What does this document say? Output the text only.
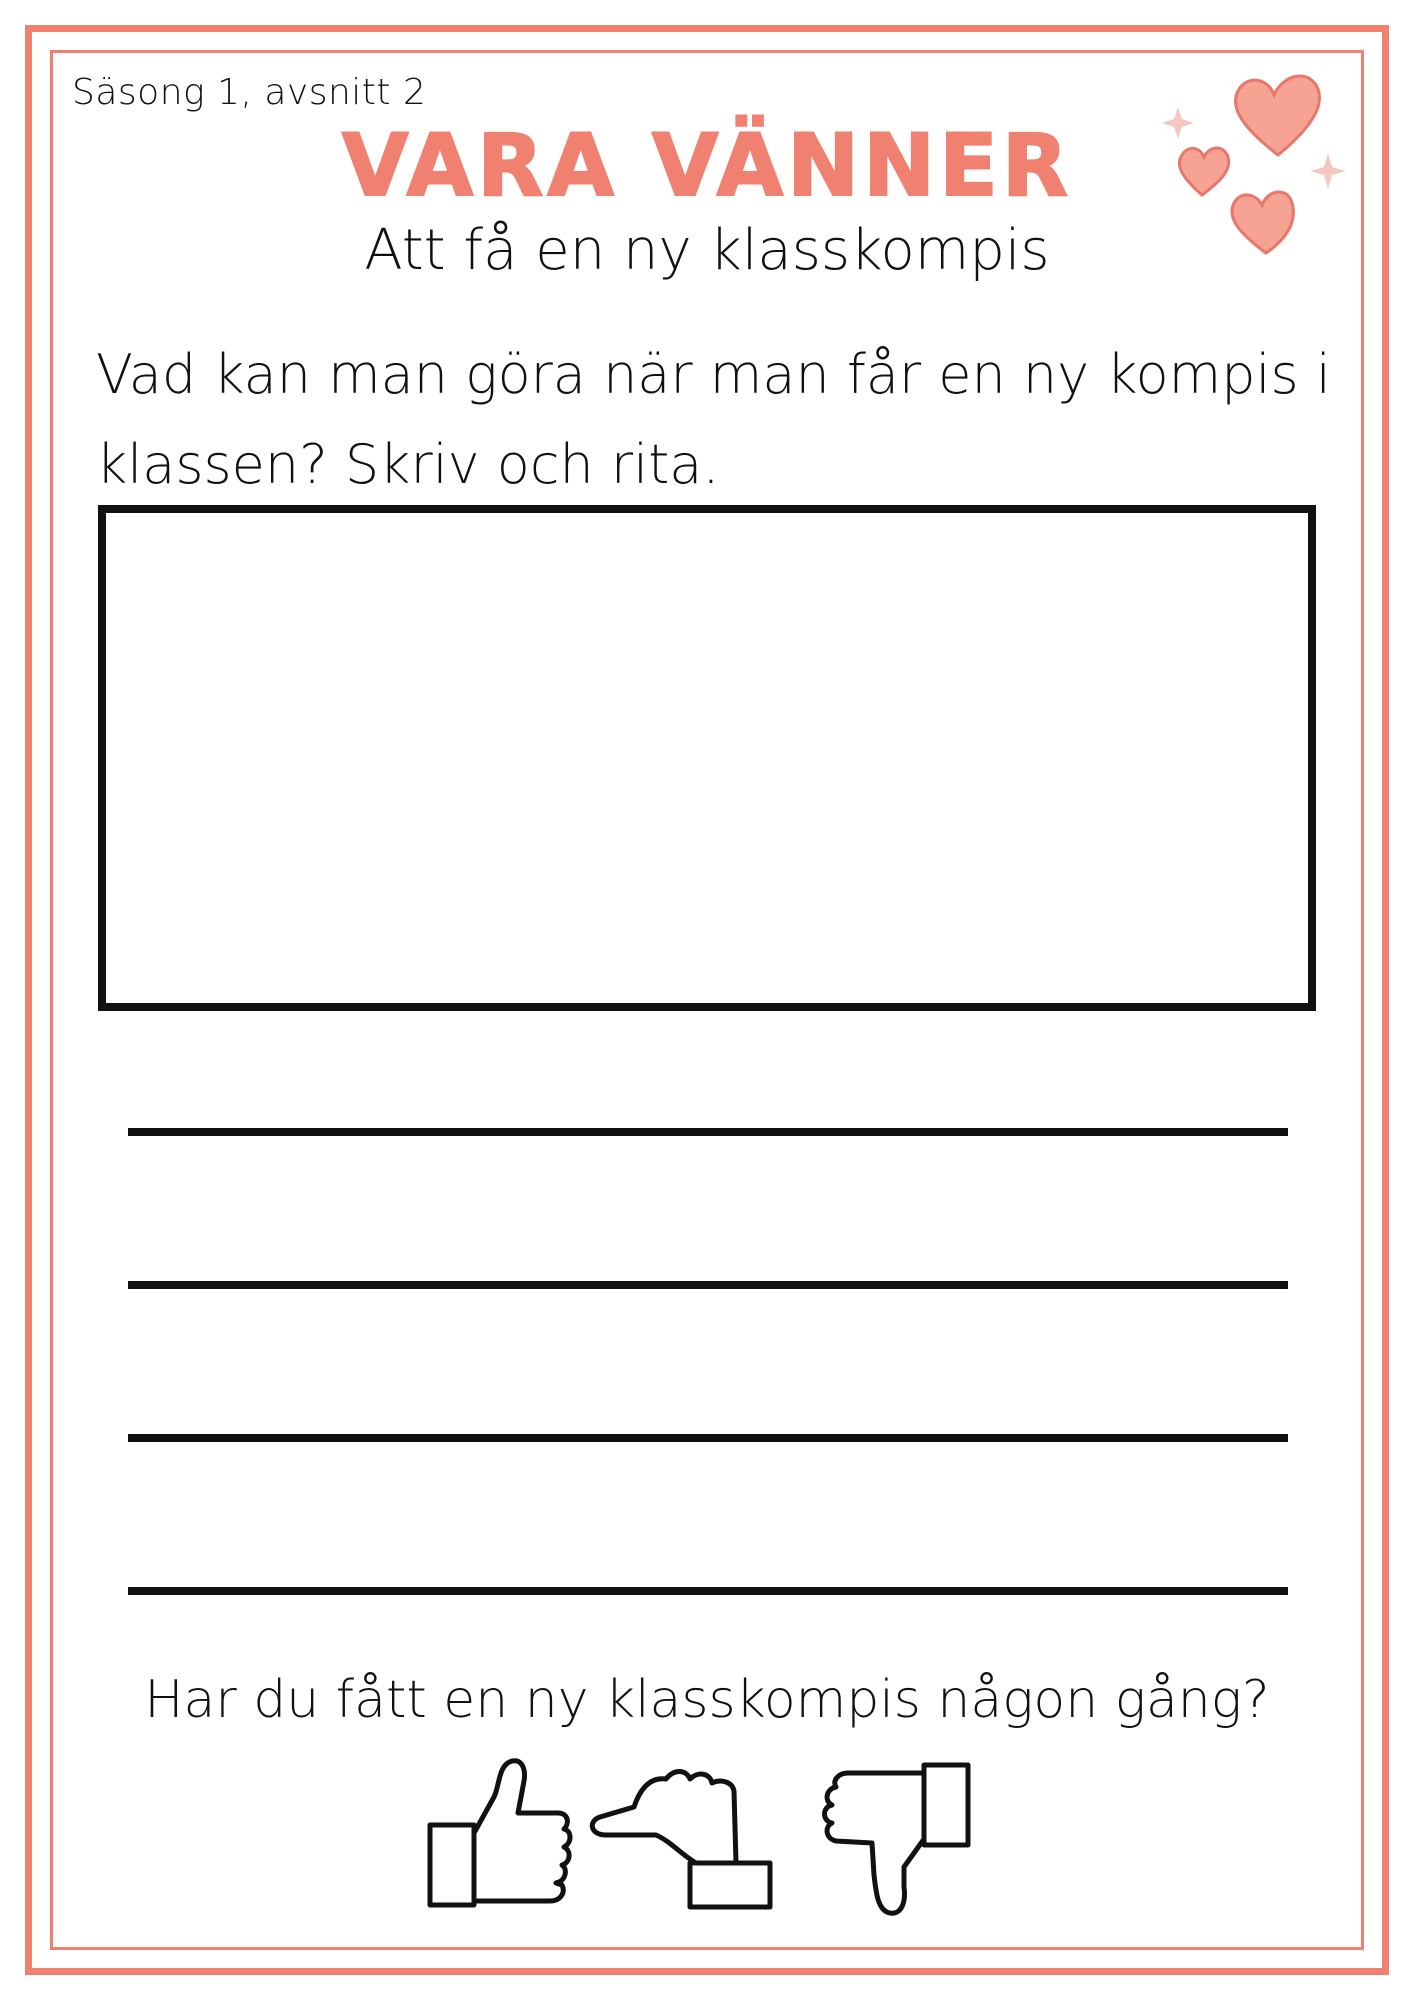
Säsong 1, avsnitt 2
VARA VÄNNER
Att få en ny klasskompis
Vad kan man göra när man får en ny kompis i klassen? Skriv och rita.
Har du fått en ny klasskompis någon gång?
